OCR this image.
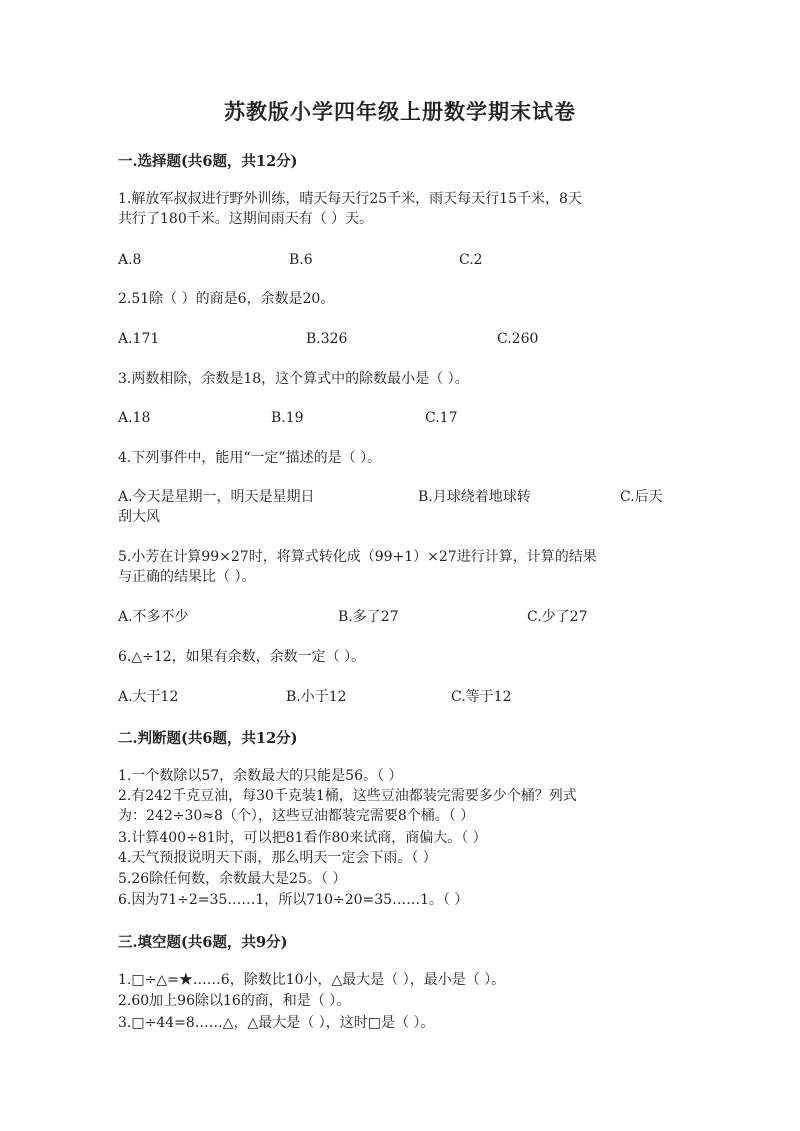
苏教版小学四年级上册数学期末试卷
一.选择题(共6题，共12分)
1.解放军叔叔进行野外训练，晴天每天行25千米，雨天每天行15千米，8天
共行了180千米。这期间雨天有（ ）天。
A.8	B.6	C.2
2.51除（ ）的商是6，余数是20。
A.171	B.326	C.260
3.两数相除，余数是18，这个算式中的除数最小是（ ）。
A.18	B.19	C.17
4.下列事件中，能用“一定”描述的是（ ）。
A.今天是星期一，明天是星期日	B.月球绕着地球转	C.后天
刮大风
5.小芳在计算99×27时，将算式转化成（99+1）×27进行计算，计算的结果
与正确的结果比（ ）。
A.不多不少	B.多了27	C.少了27
6.△÷12，如果有余数，余数一定（ ）。
A.大于12	B.小于12	C.等于12
二.判断题(共6题，共12分)
1.一个数除以57，余数最大的只能是56。（ ）
2.有242千克豆油，每30千克装1桶，这些豆油都装完需要多少个桶？列式
为：242÷30≈8（个），这些豆油都装完需要8个桶。（ ）
3.计算400÷81时，可以把81看作80来试商，商偏大。（ ）
4.天气预报说明天下雨，那么明天一定会下雨。（ ）
5.26除任何数，余数最大是25。（ ）
6.因为71÷2=35……1，所以710÷20=35……1。（ ）
三.填空题(共6题，共9分)
1.□÷△=★……6，除数比10小，△最大是（ ），最小是（ ）。
2.60加上96除以16的商，和是（ ）。
3.□÷44=8……△，△最大是（ ），这时□是（ ）。
